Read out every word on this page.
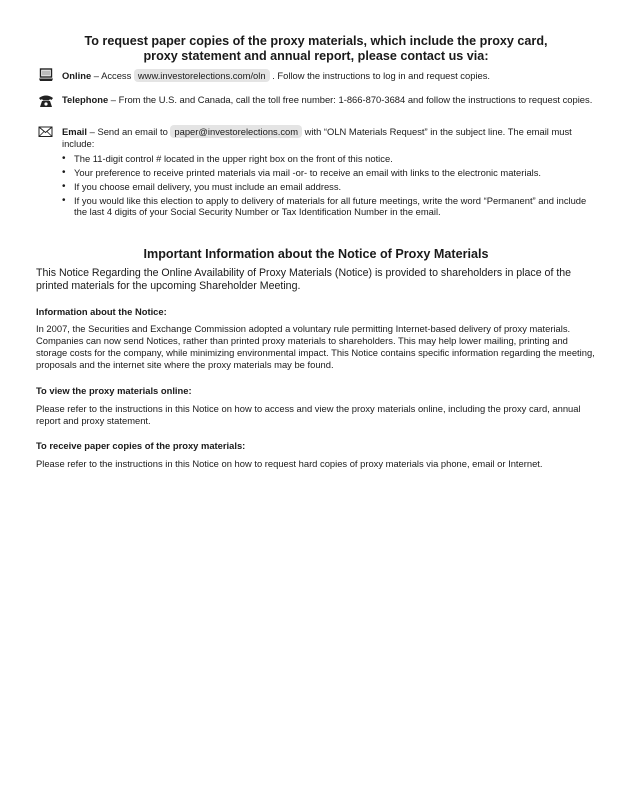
To request paper copies of the proxy materials, which include the proxy card,
proxy statement and annual report, please contact us via:
Online – Access www.investorelections.com/oln . Follow the instructions to log in and request copies.
Telephone – From the U.S. and Canada, call the toll free number: 1-866-870-3684 and follow the instructions to request copies.
Email – Send an email to paper@investorelections.com with “OLN Materials Request” in the subject line. The email must include:
• The 11-digit control # located in the upper right box on the front of this notice.
• Your preference to receive printed materials via mail -or- to receive an email with links to the electronic materials.
• If you choose email delivery, you must include an email address.
• If you would like this election to apply to delivery of materials for all future meetings, write the word “Permanent” and include the last 4 digits of your Social Security Number or Tax Identification Number in the email.
Important Information about the Notice of Proxy Materials
This Notice Regarding the Online Availability of Proxy Materials (Notice) is provided to shareholders in place of the printed materials for the upcoming Shareholder Meeting.
Information about the Notice:
In 2007, the Securities and Exchange Commission adopted a voluntary rule permitting Internet-based delivery of proxy materials. Companies can now send Notices, rather than printed proxy materials to shareholders. This may help lower mailing, printing and storage costs for the company, while minimizing environmental impact. This Notice contains specific information regarding the meeting, proposals and the internet site where the proxy materials may be found.
To view the proxy materials online:
Please refer to the instructions in this Notice on how to access and view the proxy materials online, including the proxy card, annual report and proxy statement.
To receive paper copies of the proxy materials:
Please refer to the instructions in this Notice on how to request hard copies of proxy materials via phone, email or Internet.
